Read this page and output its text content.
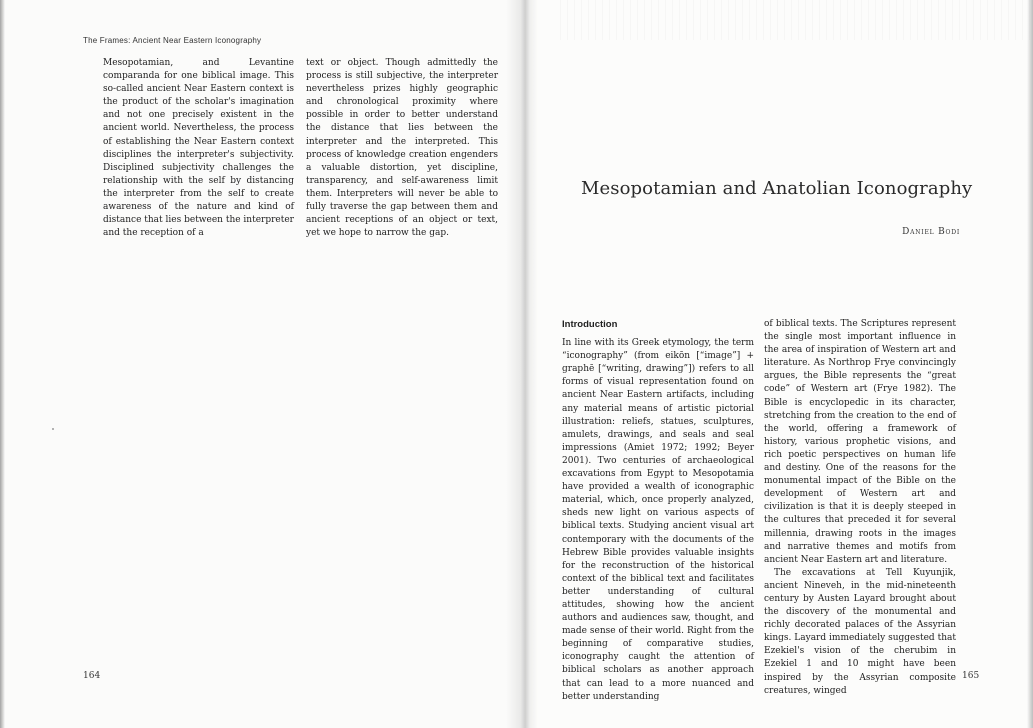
The Frames: Ancient Near Eastern Iconography

Mesopotamian, and Levantine comparanda for one biblical image. This so-called ancient Near Eastern context is the product of the scholar's imagination and not one precisely existent in the ancient world. Nevertheless, the process of establishing the Near Eastern context disciplines the interpreter's subjectivity. Disciplined subjectivity challenges the relationship with the self by distancing the interpreter from the self to create awareness of the nature and kind of distance that lies between the interpreter and the reception of a

text or object. Though admittedly the process is still subjective, the interpreter nevertheless prizes highly geographic and chronological proximity where possible in order to better understand the distance that lies between the interpreter and the interpreted. This process of knowledge creation engenders a valuable distortion, yet discipline, transparency, and self-awareness limit them. Interpreters will never be able to fully traverse the gap between them and ancient receptions of an object or text, yet we hope to narrow the gap.

164	165
Mesopotamian and Anatolian Iconography
Daniel Bodi
Introduction

In line with its Greek etymology, the term “iconography” (from eikōn [“image”] + graphē [“writing, drawing”]) refers to all forms of visual representation found on ancient Near Eastern artifacts, including any material means of artistic pictorial illustration: reliefs, statues, sculptures, amulets, drawings, and seals and seal impressions (Amiet 1972; 1992; Beyer 2001). Two centuries of archaeological excavations from Egypt to Mesopotamia have provided a wealth of iconographic material, which, once properly analyzed, sheds new light on various aspects of biblical texts. Studying ancient visual art contemporary with the documents of the Hebrew Bible provides valuable insights for the reconstruction of the historical context of the biblical text and facilitates better understanding of cultural attitudes, showing how the ancient authors and audiences saw, thought, and made sense of their world. Right from the beginning of comparative studies, iconography caught the attention of biblical scholars as another approach that can lead to a more nuanced and better understanding

of biblical texts. The Scriptures represent the single most important influence in the area of inspiration of Western art and literature. As Northrop Frye convincingly argues, the Bible represents the “great code” of Western art (Frye 1982). The Bible is encyclopedic in its character, stretching from the creation to the end of the world, offering a framework of history, various prophetic visions, and rich poetic perspectives on human life and destiny. One of the reasons for the monumental impact of the Bible on the development of Western art and civilization is that it is deeply steeped in the cultures that preceded it for several millennia, drawing roots in the images and narrative themes and motifs from ancient Near Eastern art and literature.

The excavations at Tell Kuyunjik, ancient Nineveh, in the mid-nineteenth century by Austen Layard brought about the discovery of the monumental and richly decorated palaces of the Assyrian kings. Layard immediately suggested that Ezekiel's vision of the cherubim in Ezekiel 1 and 10 might have been inspired by the Assyrian composite creatures, winged
